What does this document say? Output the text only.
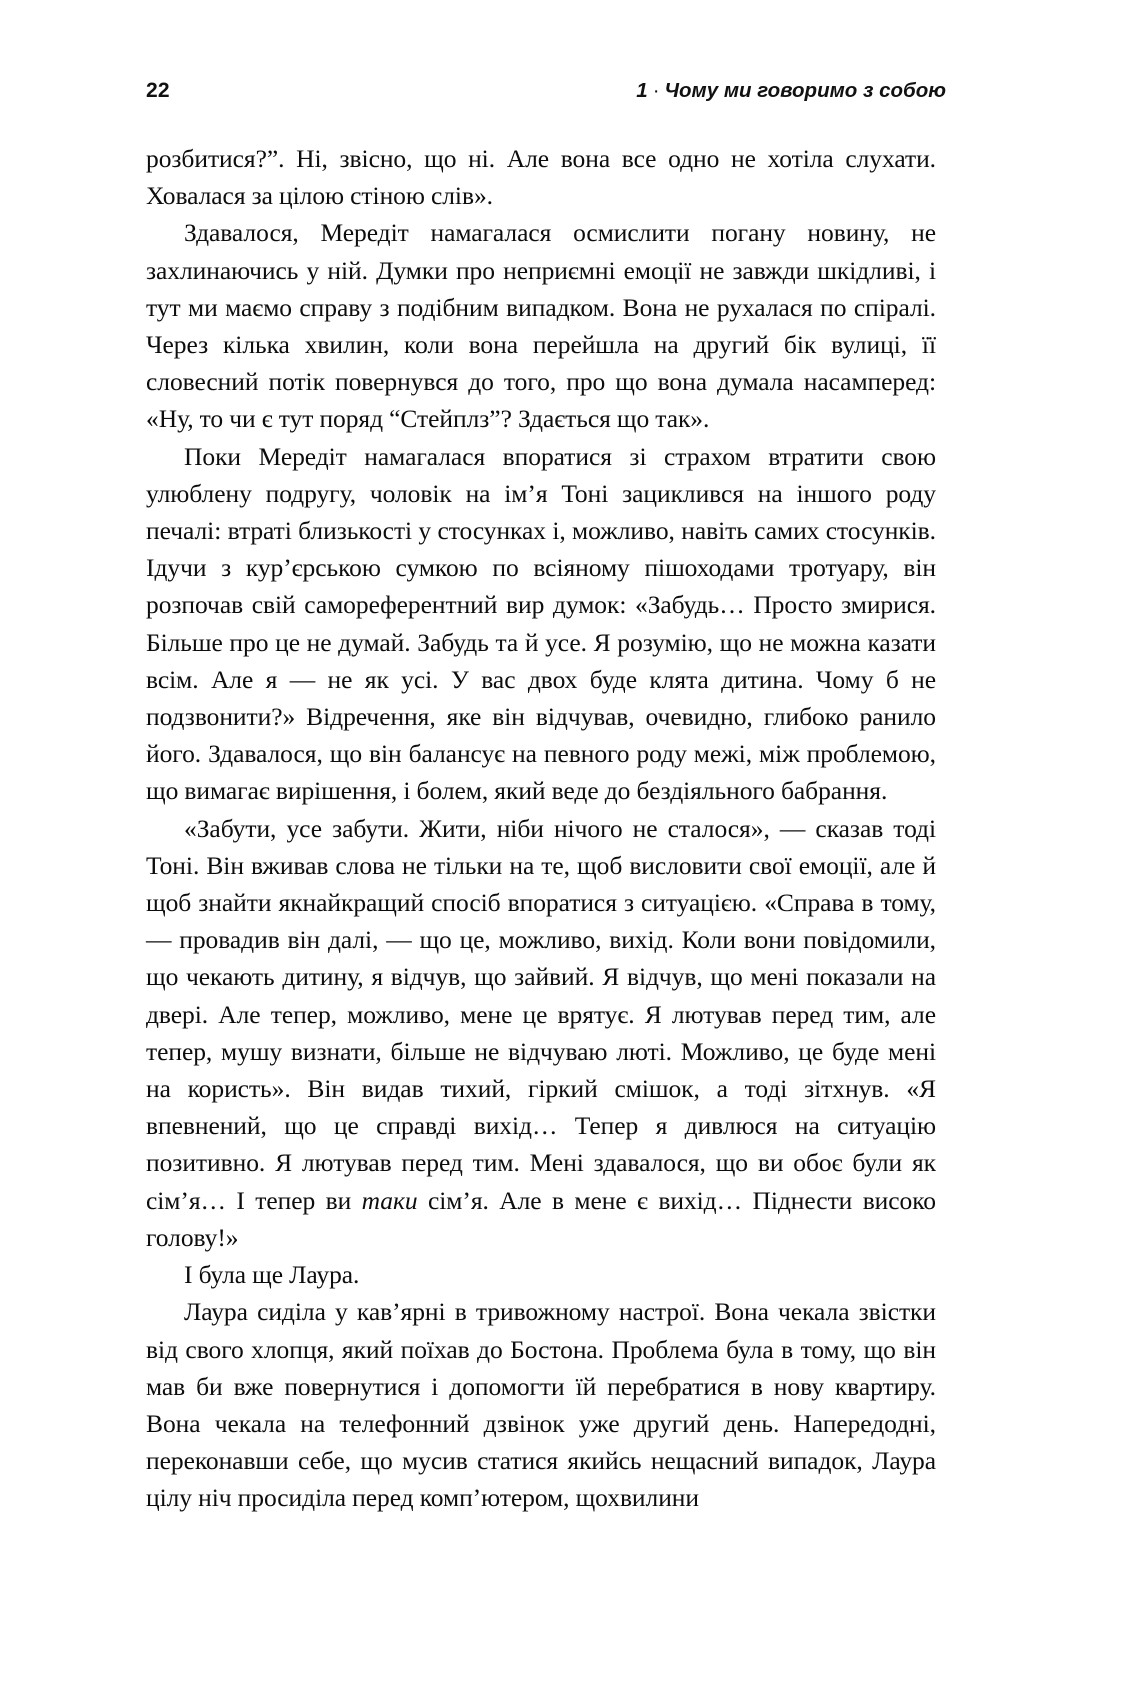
22	1 · Чому ми говоримо з собою

розбитися?”. Ні, звісно, що ні. Але вона все одно не хотіла слухати. Ховалася за цілою стіною слів».

Здавалося, Мередіт намагалася осмислити погану новину, не захлинаючись у ній. Думки про неприємні емоції не завжди шкідливі, і тут ми маємо справу з подібним випадком. Вона не рухалася по спіралі. Через кілька хвилин, коли вона перейшла на другий бік вулиці, її словесний потік повернувся до того, про що вона думала насамперед: «Ну, то чи є тут поряд “Стейплз”? Здається що так».

Поки Мередіт намагалася впоратися зі страхом втратити свою улюблену подругу, чоловік на ім’я Тоні зациклився на іншого роду печалі: втраті близькості у стосунках і, можливо, навіть самих стосунків. Ідучи з кур’єрською сумкою по всіяному пішоходами тротуару, він розпочав свій самореферентний вир думок: «Забудь… Просто змирися. Більше про це не думай. Забудь та й усе. Я розумію, що не можна казати всім. Але я — не як усі. У вас двох буде клята дитина. Чому б не подзвонити?» Відречення, яке він відчував, очевидно, глибоко ранило його. Здавалося, що він балансує на певного роду межі, між проблемою, що вимагає вирішення, і болем, який веде до бездіяльного бабрання.

«Забути, усе забути. Жити, ніби нічого не сталося», — сказав тоді Тоні. Він вживав слова не тільки на те, щоб висловити свої емоції, але й щоб знайти якнайкращий спосіб впоратися з ситуацією. «Справа в тому, — провадив він далі, — що це, можливо, вихід. Коли вони повідомили, що чекають дитину, я відчув, що зайвий. Я відчув, що мені показали на двері. Але тепер, можливо, мене це врятує. Я лютував перед тим, але тепер, мушу визнати, більше не відчуваю люті. Можливо, це буде мені на користь». Він видав тихий, гіркий смішок, а тоді зітхнув. «Я впевнений, що це справді вихід… Тепер я дивлюся на ситуацію позитивно. Я лютував перед тим. Мені здавалося, що ви обоє були як сім’я… І тепер ви таки сім’я. Але в мене є вихід… Піднести високо голову!»

І була ще Лаура.

Лаура сиділа у кав’ярні в тривожному настрої. Вона чекала звістки від свого хлопця, який поїхав до Бостона. Проблема була в тому, що він мав би вже повернутися і допомогти їй перебратися в нову квартиру. Вона чекала на телефонний дзвінок уже другий день. Напередодні, переконавши себе, що мусив статися якийсь нещасний випадок, Лаура цілу ніч просиділа перед комп’ютером, щохвилини
